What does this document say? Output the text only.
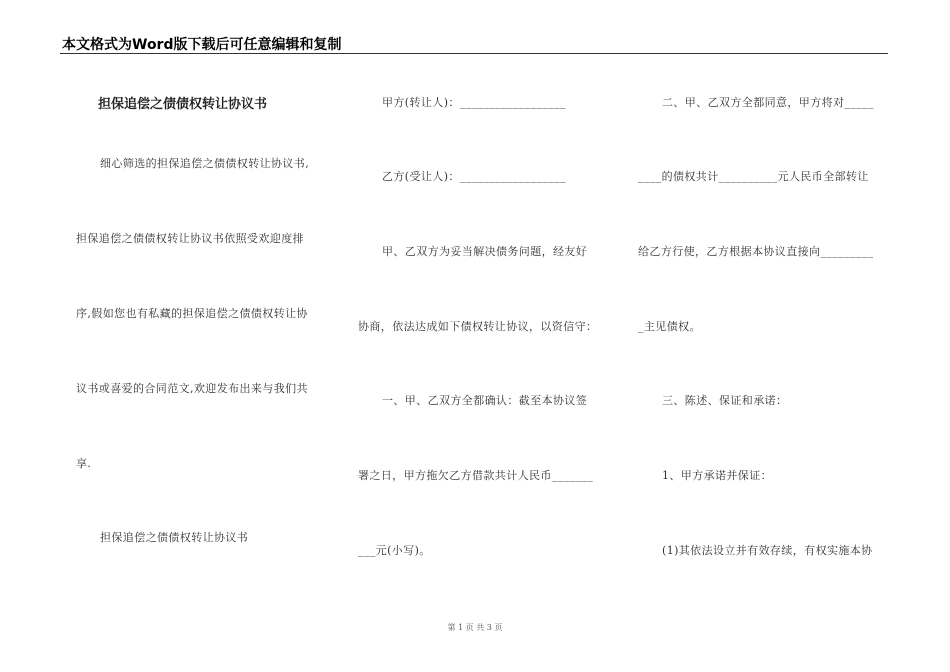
本文格式为Word版下载后可任意编辑和复制
担保追偿之债债权转让协议书
细心筛选的担保追偿之债债权转让协议书,
担保追偿之债债权转让协议书依照受欢迎度排
序,假如您也有私藏的担保追偿之债债权转让协
议书或喜爱的合同范文,欢迎发布出来与我们共
享.
担保追偿之债债权转让协议书
甲方(转让人)：__________________
乙方(受让人)：__________________
甲、乙双方为妥当解决债务问题，经友好
协商，依法达成如下债权转让协议，以资信守：
一、甲、乙双方全都确认：截至本协议签
署之日，甲方拖欠乙方借款共计人民币_______
___元(小写)。
二、甲、乙双方全都同意，甲方将对_____
____的债权共计__________元人民币全部转让
给乙方行使，乙方根据本协议直接向_________
_主见债权。
三、陈述、保证和承诺：
1、甲方承诺并保证：
(1)其依法设立并有效存续，有权实施本协
第 1 页 共 3 页
